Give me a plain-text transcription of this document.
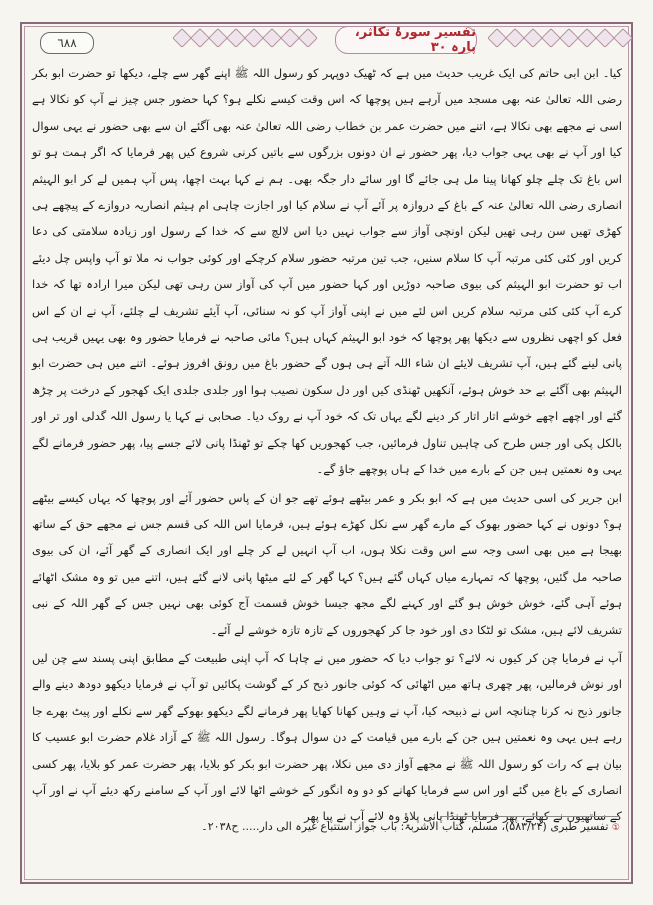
٦٨٨
تفسیر سورۂ تکاثر، پارہ ۳۰

کیا۔ ابن ابی حاتم کی ایک غریب حدیث میں ہے کہ ٹھیک دوپہر کو رسول اللہ ﷺ اپنے گھر سے چلے، دیکھا تو حضرت ابو بکر رضی اللہ تعالیٰ عنہ بھی مسجد میں آرہے ہیں پوچھا کہ اس وقت کیسے نکلے ہو؟ کہا حضور جس چیز نے آپ کو نکالا ہے اسی نے مجھے بھی نکالا ہے، اتنے میں حضرت عمر بن خطاب رضی اللہ تعالیٰ عنہ بھی آگئے ان سے بھی حضور نے یہی سوال کیا اور آپ نے بھی یہی جواب دیا، پھر حضور نے ان دونوں بزرگوں سے باتیں کرنی شروع کیں پھر فرمایا کہ اگر ہمت ہو تو اس باغ تک چلے چلو کھانا پینا مل ہی جائے گا اور سائے دار جگہ بھی۔ ہم نے کہا بہت اچھا، پس آپ ہمیں لے کر ابو الہیثم انصاری رضی اللہ تعالیٰ عنہ کے باغ کے دروازہ پر آئے آپ نے سلام کیا اور اجازت چاہی ام ہیثم انصاریہ دروازے کے پیچھے ہی کھڑی تھیں سن رہی تھیں لیکن اونچی آواز سے جواب نہیں دیا اس لالچ سے کہ خدا کے رسول اور زیادہ سلامتی کی دعا کریں اور کئی کئی مرتبہ آپ کا سلام سنیں، جب تین مرتبہ حضور سلام کرچکے اور کوئی جواب نہ ملا تو آپ واپس چل دیئے اب تو حضرت ابو الہیثم کی بیوی صاحبہ دوڑیں اور کہا حضور میں آپ کی آواز سن رہی تھی لیکن میرا ارادہ تھا کہ خدا کرے آپ کئی کئی مرتبہ سلام کریں اس لئے میں نے اپنی آواز آپ کو نہ سنائی، آپ آیئے تشریف لے چلئے، آپ نے ان کے اس فعل کو اچھی نظروں سے دیکھا پھر پوچھا کہ خود ابو الہیثم کہاں ہیں؟ مائی صاحبہ نے فرمایا حضور وہ بھی یہیں قریب ہی پانی لینے گئے ہیں، آپ تشریف لایئے ان شاء اللہ آتے ہی ہوں گے حضور باغ میں رونق افروز ہوئے۔ اتنے میں ہی حضرت ابو الہیثم بھی آگئے بے حد خوش ہوئے، آنکھیں ٹھنڈی کیں اور دل سکون نصیب ہوا اور جلدی جلدی ایک کھجور کے درخت پر چڑھ گئے اور اچھے اچھے خوشے اتار اتار کر دینے لگے یہاں تک کہ خود آپ نے روک دیا۔ صحابی نے کہا یا رسول اللہ گدلی اور تر اور بالکل پکی اور جس طرح کی چاہیں تناول فرمائیں، جب کھجوریں کھا چکے تو ٹھنڈا پانی لائے جسے پیا، پھر حضور فرمانے لگے یہی وہ نعمتیں ہیں جن کے بارے میں خدا کے ہاں پوچھے جاؤ گے۔

ابن جریر کی اسی حدیث میں ہے کہ ابو بکر و عمر بیٹھے ہوئے تھے جو ان کے پاس حضور آئے اور پوچھا کہ یہاں کیسے بیٹھے ہو؟ دونوں نے کہا حضور بھوک کے مارے گھر سے نکل کھڑے ہوئے ہیں، فرمایا اس اللہ کی قسم جس نے مجھے حق کے ساتھ بھیجا ہے میں بھی اسی وجہ سے اس وقت نکلا ہوں، اب آپ انہیں لے کر چلے اور ایک انصاری کے گھر آئے، ان کی بیوی صاحبہ مل گئیں، پوچھا کہ تمہارے میاں کہاں گئے ہیں؟ کہا گھر کے لئے میٹھا پانی لانے گئے ہیں، اتنے میں تو وہ مشک اٹھائے ہوئے آہی گئے، خوش خوش ہو گئے اور کہنے لگے مجھ جیسا خوش قسمت آج کوئی بھی نہیں جس کے گھر اللہ کے نبی تشریف لائے ہیں، مشک تو لٹکا دی اور خود جا کر کھجوروں کے تازہ تازہ خوشے لے آئے۔

آپ نے فرمایا چن کر کیوں نہ لائے؟ تو جواب دیا کہ حضور میں نے چاہا کہ آپ اپنی طبیعت کے مطابق اپنی پسند سے چن لیں اور نوش فرمالیں، پھر چھری ہاتھ میں اٹھائی کہ کوئی جانور ذبح کر کے گوشت پکائیں تو آپ نے فرمایا دیکھو دودھ دینے والے جانور ذبح نہ کرنا چنانچہ اس نے ذبیحہ کیا، آپ نے وہیں کھانا کھایا پھر فرمانے لگے دیکھو بھوکے گھر سے نکلے اور پیٹ بھرے جا رہے ہیں یہی وہ نعمتیں ہیں جن کے بارے میں قیامت کے دن سوال ہوگا۔ رسول اللہ ﷺ کے آزاد غلام حضرت ابو عسیب کا بیان ہے کہ رات کو رسول اللہ ﷺ نے مجھے آواز دی میں نکلا، پھر حضرت ابو بکر کو بلایا، پھر حضرت عمر کو بلایا، پھر کسی انصاری کے باغ میں گئے اور اس سے فرمایا کھانے کو دو وہ انگور کے خوشے اٹھا لائے اور آپ کے سامنے رکھ دیئے آپ نے اور آپ کے ساتھیوں نے کھائے، پھر فرمایا ٹھنڈا پانی پلاؤ وہ لائے آپ نے پیا پھر

① تفسیر طبری (۵۸۳/۲۴)، مسلم، کتاب الاشربۃ: باب جواز استتباع غیرہ الی دار..... ح۲۰۳۸۔
